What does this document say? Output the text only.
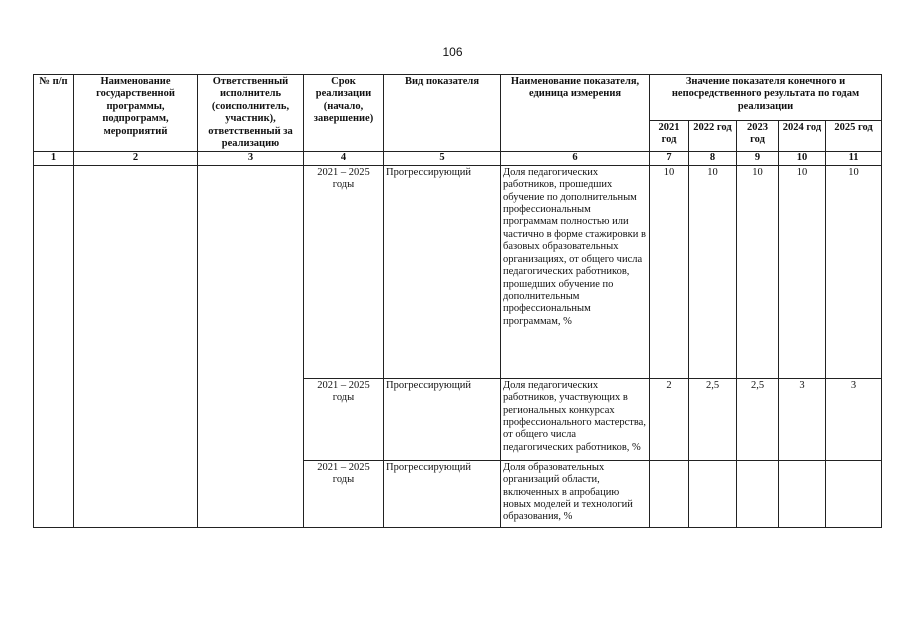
106
№ п/п	Наименование государственной программы, подпрограмм, мероприятий	Ответственный исполнитель (соисполнитель, участник), ответственный за реализацию	Срок реализации (начало, завершение)	Вид показателя	Наименование показателя, единица измерения	Значение показателя конечного и непосредственного результата по годам реализации				
						2021 год	2022 год	2023 год	2024 год	2025 год
1	2	3	4	5	6	7	8	9	10	11
			2021 – 2025 годы	Прогрессирующий	Доля педагогических работников, прошедших обучение по дополнительным профессиональным программам полностью или частично в форме стажировки в базовых образовательных организациях, от общего числа педагогических работников, прошедших обучение по дополнительным профессиональным программам, %	10	10	10	10	10
			2021 – 2025 годы	Прогрессирующий	Доля педагогических работников, участвующих в региональных конкурсах профессионального мастерства, от общего числа педагогических работников, %	2	2,5	2,5	3	3
			2021 – 2025 годы	Прогрессирующий	Доля образовательных организаций области, включенных в апробацию новых моделей и технологий образования, %					
